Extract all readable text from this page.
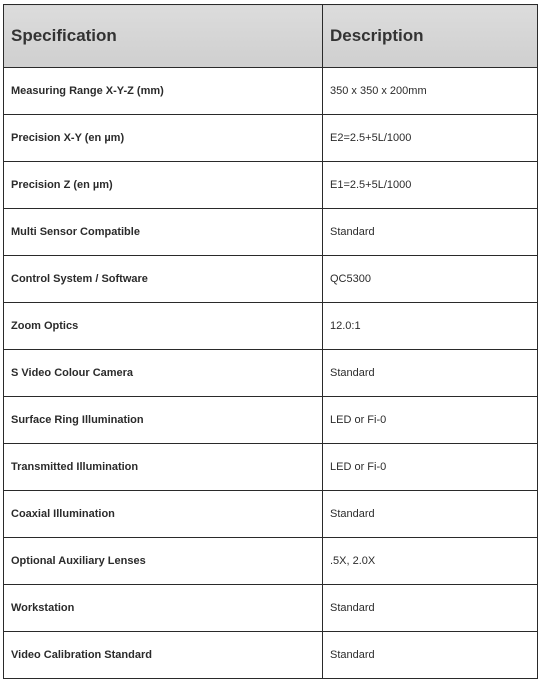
Specification	Description
Measuring Range X-Y-Z (mm)	350 x 350 x 200mm
Precision X-Y (en µm)	E2=2.5+5L/1000
Precision Z (en µm)	E1=2.5+5L/1000
Multi Sensor Compatible	Standard
Control System / Software	QC5300
Zoom Optics	12.0:1
S Video Colour Camera	Standard
Surface Ring Illumination	LED or Fi-0
Transmitted Illumination	LED or Fi-0
Coaxial Illumination	Standard
Optional Auxiliary Lenses	.5X, 2.0X
Workstation	Standard
Video Calibration Standard	Standard
